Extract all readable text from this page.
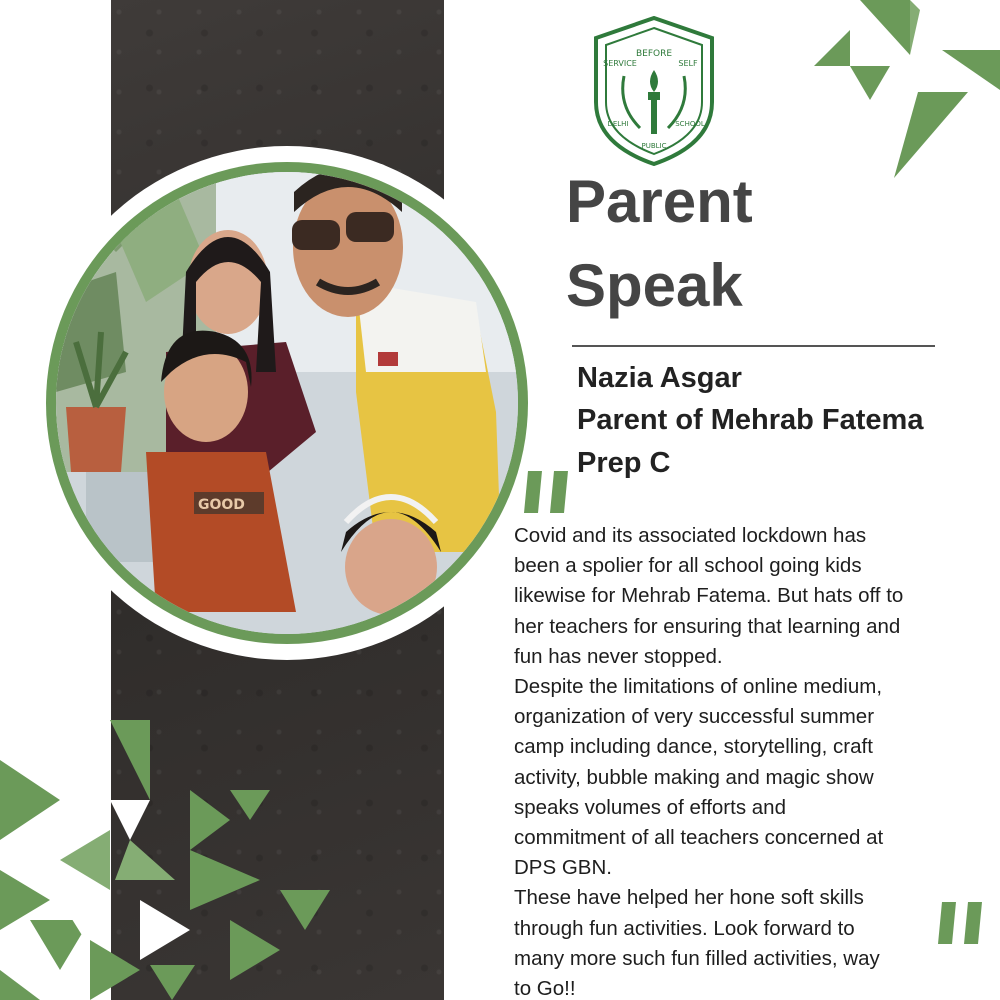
GOOD
BEFORE
SERVICE	SELF
DELHI
PUBLIC
SCHOOL
Parent
Speak

Nazia Asgar

Parent of Mehrab Fatema

Prep C

Covid and its associated lockdown has
been a spolier for all school going kids
likewise for Mehrab Fatema. But hats off to
her teachers for ensuring that learning and
fun has never stopped.
Despite the limitations of online medium,
organization of very successful summer
camp including dance, storytelling, craft
activity, bubble making and magic show
speaks volumes of efforts and
commitment of all teachers concerned at
DPS GBN.
These have helped her hone soft skills
through fun activities. Look forward to
many more such fun filled activities, way
to Go!!
